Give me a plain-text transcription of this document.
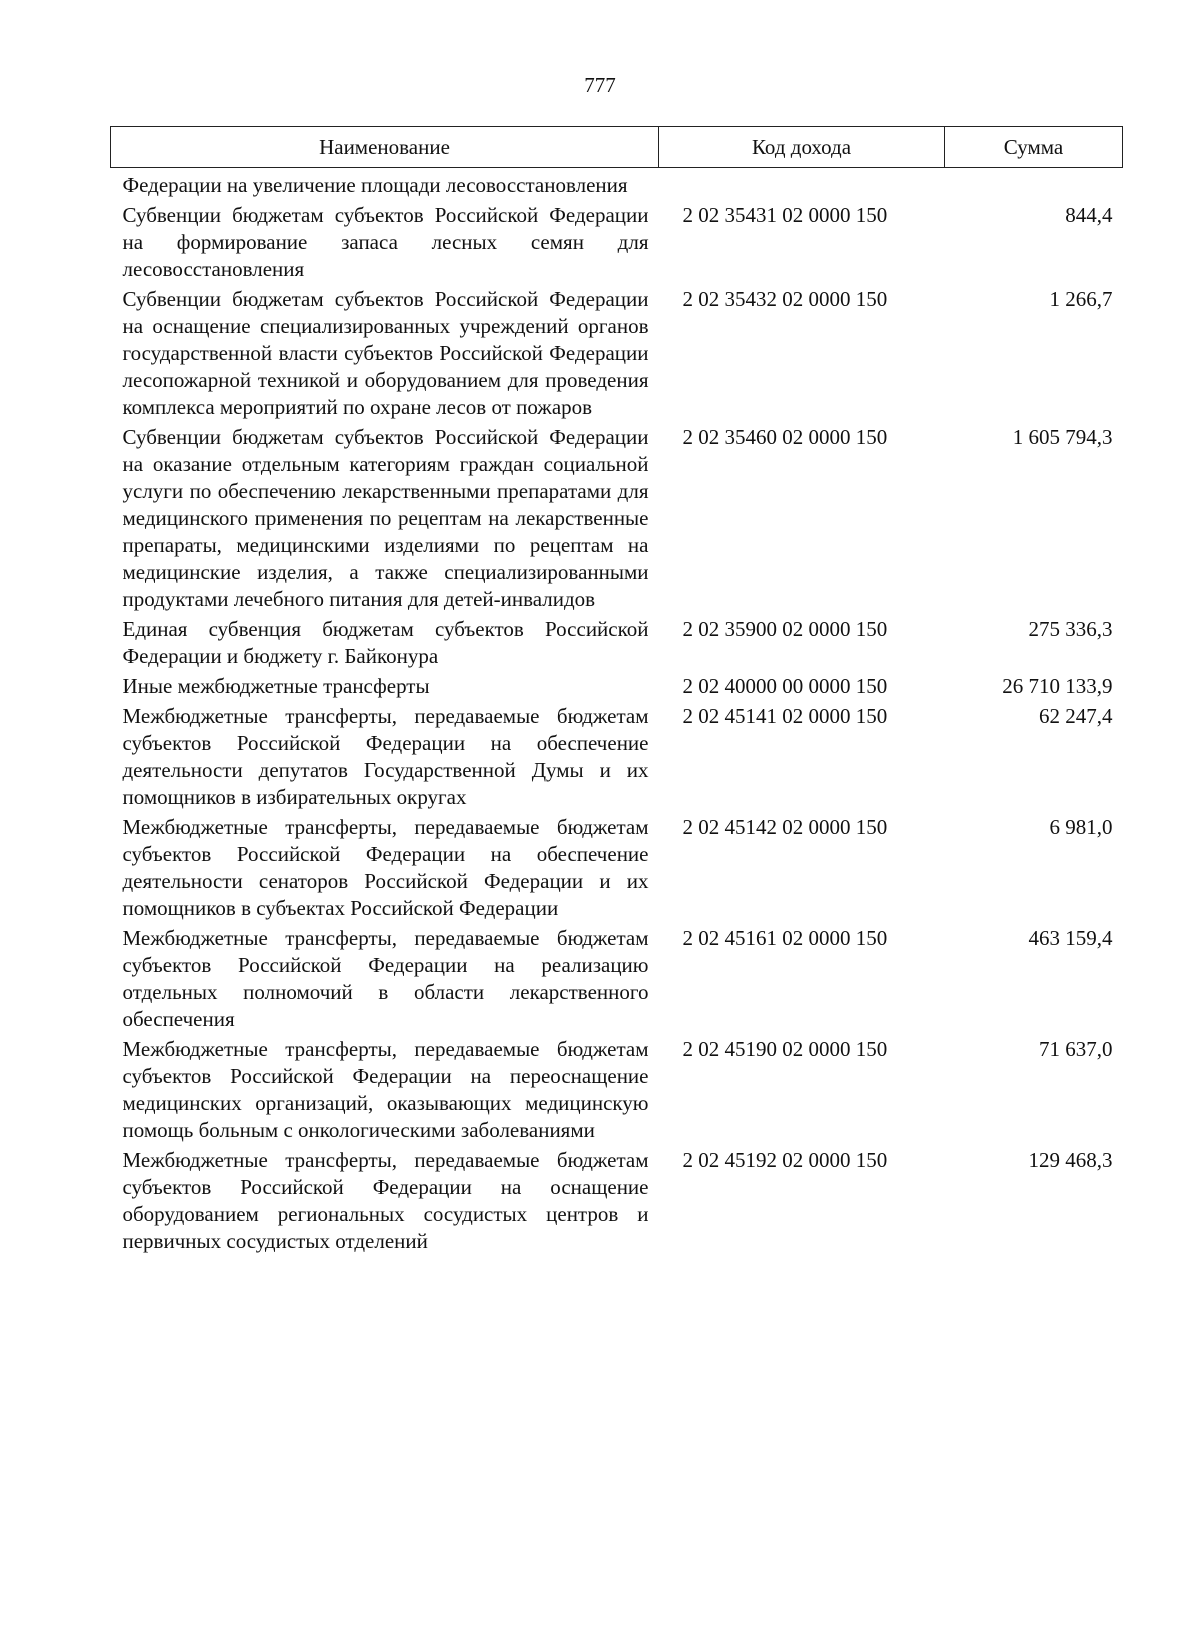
777
Наименование	Код дохода	Сумма
Федерации на увеличение площади лесовосстановления		
Субвенции бюджетам субъектов Российской Федерации на формирование запаса лесных семян для лесовосстановления	2 02 35431 02 0000 150	844,4
Субвенции бюджетам субъектов Российской Федерации на оснащение специализированных учреждений органов государственной власти субъектов Российской Федерации лесопожарной техникой и оборудованием для проведения комплекса мероприятий по охране лесов от пожаров	2 02 35432 02 0000 150	1 266,7
Субвенции бюджетам субъектов Российской Федерации на оказание отдельным категориям граждан социальной услуги по обеспечению лекарственными препаратами для медицинского применения по рецептам на лекарственные препараты, медицинскими изделиями по рецептам на медицинские изделия, а также специализированными продуктами лечебного питания для детей-инвалидов	2 02 35460 02 0000 150	1 605 794,3
Единая субвенция бюджетам субъектов Российской Федерации и бюджету г. Байконура	2 02 35900 02 0000 150	275 336,3
Иные межбюджетные трансферты	2 02 40000 00 0000 150	26 710 133,9
Межбюджетные трансферты, передаваемые бюджетам субъектов Российской Федерации на обеспечение деятельности депутатов Государственной Думы и их помощников в избирательных округах	2 02 45141 02 0000 150	62 247,4
Межбюджетные трансферты, передаваемые бюджетам субъектов Российской Федерации на обеспечение деятельности сенаторов Российской Федерации и их помощников в субъектах Российской Федерации	2 02 45142 02 0000 150	6 981,0
Межбюджетные трансферты, передаваемые бюджетам субъектов Российской Федерации на реализацию отдельных полномочий в области лекарственного обеспечения	2 02 45161 02 0000 150	463 159,4
Межбюджетные трансферты, передаваемые бюджетам субъектов Российской Федерации на переоснащение медицинских организаций, оказывающих медицинскую помощь больным с онкологическими заболеваниями	2 02 45190 02 0000 150	71 637,0
Межбюджетные трансферты, передаваемые бюджетам субъектов Российской Федерации на оснащение оборудованием региональных сосудистых центров и первичных сосудистых отделений	2 02 45192 02 0000 150	129 468,3
